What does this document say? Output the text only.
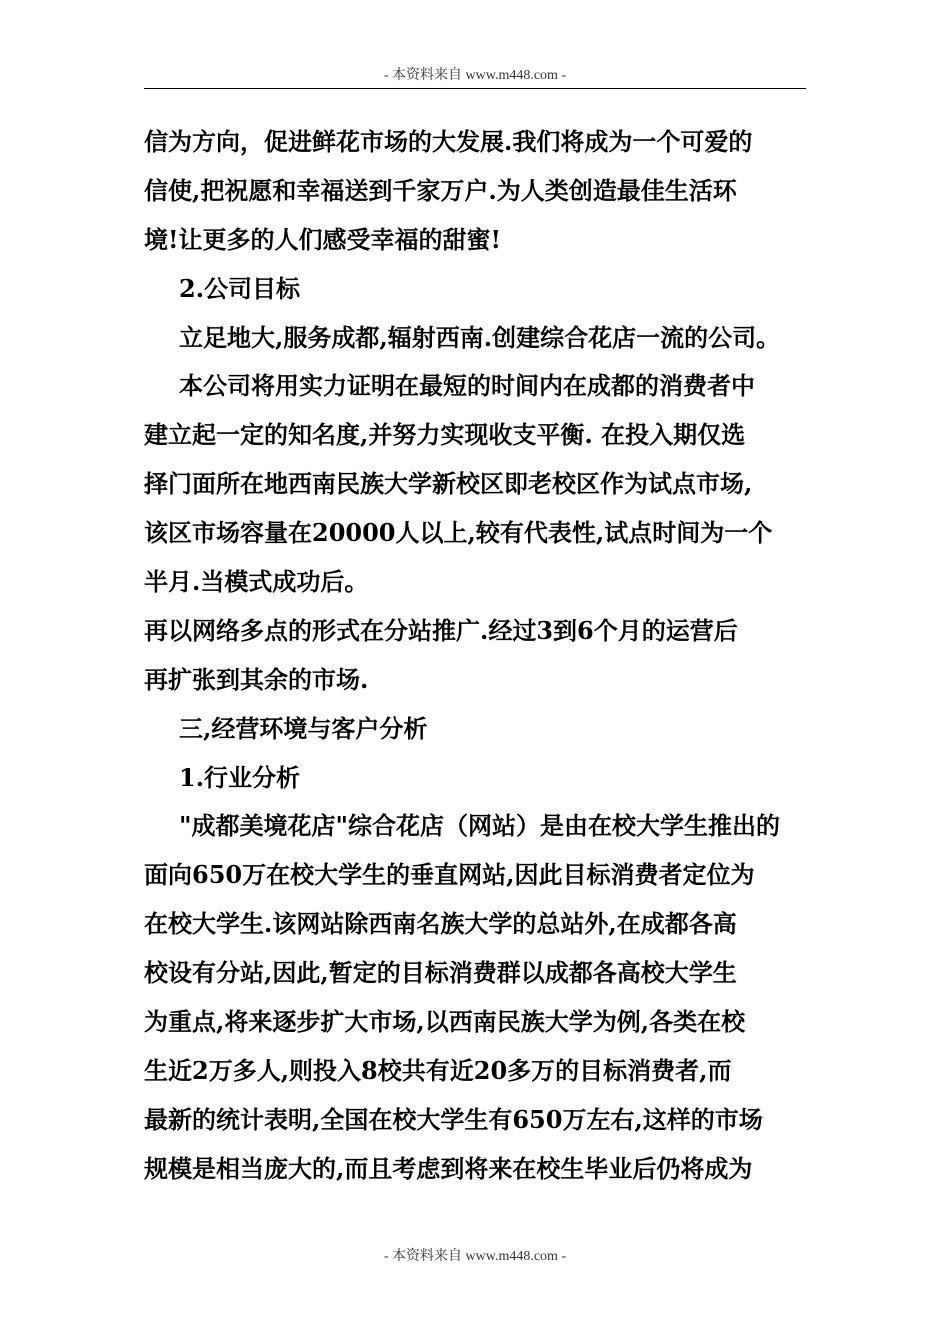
- 本资料来自 www.m448.com -
信为方向，促进鲜花市场的大发展.我们将成为一个可爱的
信使,把祝愿和幸福送到千家万户.为人类创造最佳生活环
境!让更多的人们感受幸福的甜蜜!
2.公司目标
立足地大,服务成都,辐射西南.创建综合花店一流的公司。
本公司将用实力证明在最短的时间内在成都的消费者中
建立起一定的知名度,并努力实现收支平衡. 在投入期仅选
择门面所在地西南民族大学新校区即老校区作为试点市场,
该区市场容量在20000人以上,较有代表性,试点时间为一个
半月.当模式成功后。
再以网络多点的形式在分站推广.经过3到6个月的运营后
再扩张到其余的市场.
三,经营环境与客户分析
1.行业分析
"成都美境花店"综合花店（网站）是由在校大学生推出的
面向650万在校大学生的垂直网站,因此目标消费者定位为
在校大学生.该网站除西南名族大学的总站外,在成都各高
校设有分站,因此,暂定的目标消费群以成都各高校大学生
为重点,将来逐步扩大市场,以西南民族大学为例,各类在校
生近2万多人,则投入8校共有近20多万的目标消费者,而
最新的统计表明,全国在校大学生有650万左右,这样的市场
规模是相当庞大的,而且考虑到将来在校生毕业后仍将成为
- 本资料来自 www.m448.com -
